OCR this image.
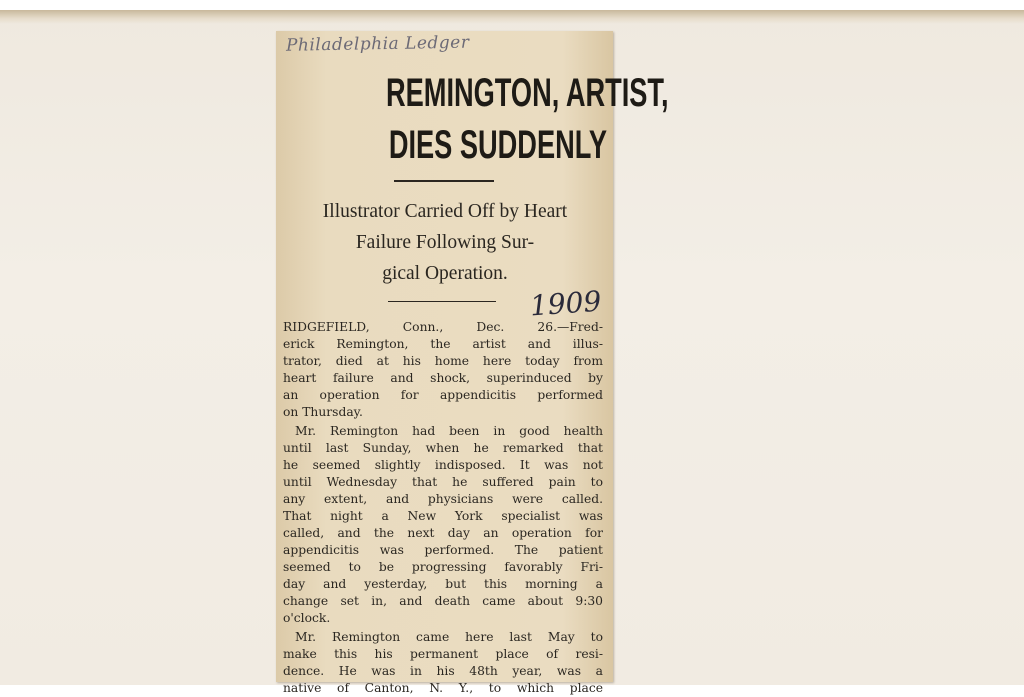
Philadelphia Ledger
REMINGTON, ARTIST,
DIES SUDDENLY
Illustrator Carried Off by Heart
Failure Following Sur-
gical Operation.
1909
RIDGEFIELD, Conn., Dec. 26.—Fred-
erick Remington, the artist and illus-
trator, died at his home here today from
heart failure and shock, superinduced by
an operation for appendicitis performed
on Thursday.
Mr. Remington had been in good health
until last Sunday, when he remarked that
he seemed slightly indisposed. It was not
until Wednesday that he suffered pain to
any extent, and physicians were called.
That night a New York specialist was
called, and the next day an operation for
appendicitis was performed. The patient
seemed to be progressing favorably Fri-
day and yesterday, but this morning a
change set in, and death came about 9:30
o'clock.
Mr. Remington came here last May to
make this his permanent place of resi-
dence. He was in his 48th year, was a
native of Canton, N. Y., to which place
